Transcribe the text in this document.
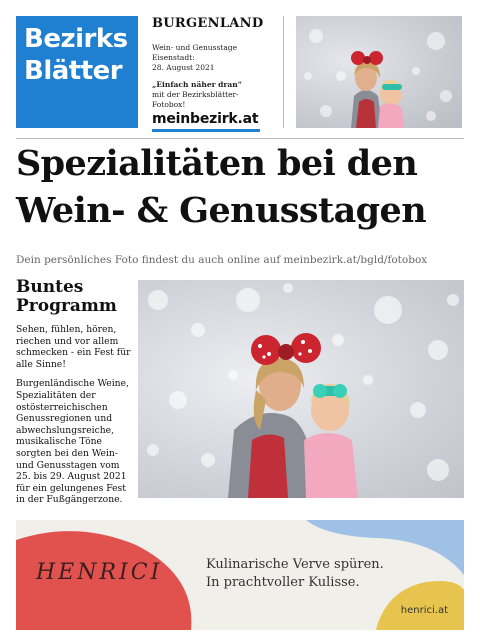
Bezirks
Blätter
BURGENLAND
Wein- und Genusstage
Eisenstadt:
28. August 2021
„Einfach näher dran“
mit der Bezirksblätter-Fotobox!
meinbezirk.at
Spezialitäten bei den
Wein- & Genusstagen
Dein persönliches Foto findest du auch online auf meinbezirk.at/bgld/fotobox
Buntes Programm

Sehen, fühlen, hören, riechen und vor allem schmecken - ein Fest für alle Sinne!

Burgenländische Weine, Spezialitäten der ostösterreichischen Genussregionen und abwechslungsreiche, musikalische Töne sorgten bei den Wein- und Genusstagen vom 25. bis 29. August 2021 für ein gelungenes Fest in der Fußgängerzone.

HENRICI	Kulinarische Verve spüren.
In prachtvoller Kulisse.
henrici.at
